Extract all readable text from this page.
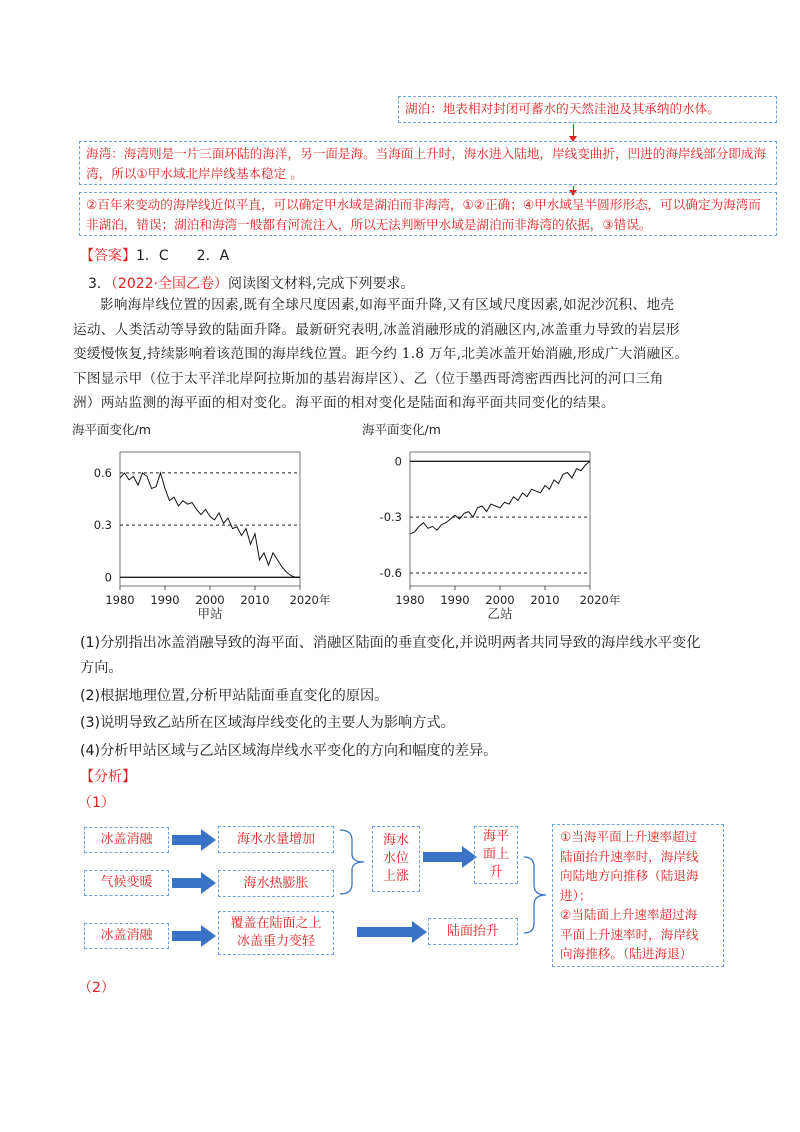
湖泊：地表相对封闭可蓄水的天然洼池及其承纳的水体。
海湾：海湾则是一片三面环陆的海洋，另一面是海。当海面上升时，海水进入陆地，岸线变曲折，凹进的海岸线部分即成海湾，所以①甲水域北岸岸线基本稳定 。
②百年来变动的海岸线近似平直，可以确定甲水域是湖泊而非海湾，①②正确；④甲水域呈半圆形形态，可以确定为海湾而非湖泊，错误；湖泊和海湾一般都有河流注入，所以无法判断甲水域是湖泊而非海湾的依据，③错误。
【答案】1．C　　2．A
3．（2022·全国乙卷）阅读图文材料,完成下列要求。
影响海岸线位置的因素,既有全球尺度因素,如海平面升降,又有区域尺度因素,如泥沙沉积、地壳
运动、人类活动等导致的陆面升降。最新研究表明,冰盖消融形成的消融区内,冰盖重力导致的岩层形
变缓慢恢复,持续影响着该范围的海岸线位置。距今约 1.8 万年,北美冰盖开始消融,形成广大消融区。
下图显示甲（位于太平洋北岸阿拉斯加的基岩海岸区）、乙（位于墨西哥湾密西西比河的河口三角
洲）两站监测的海平面的相对变化。海平面的相对变化是陆面和海平面共同变化的结果。
海平面变化/m
0.6
0.3
0
1980 1990 2000 2010 2020年
甲站
海平面变化/m
0
-0.3
-0.6
1980 1990 2000 2010 2020年
乙站
(1)分别指出冰盖消融导致的海平面、消融区陆面的垂直变化,并说明两者共同导致的海岸线水平变化
方向。
(2)根据地理位置,分析甲站陆面垂直变化的原因。
(3)说明导致乙站所在区域海岸线变化的主要人为影响方式。
(4)分析甲站区域与乙站区域海岸线水平变化的方向和幅度的差异。
【分析】
（1）
冰盖消融	海水水量增加
气候变暖	海水热膨胀
海水
水位
上涨
海平
面上
升
冰盖消融
覆盖在陆面之上
冰盖重力变轻
陆面抬升
①当海平面上升速率超过
陆面抬升速率时，海岸线
向陆地方向推移（陆退海
进）；
②当陆面上升速率超过海
平面上升速率时，海岸线
向海推移。（陆进海退）
（2）
